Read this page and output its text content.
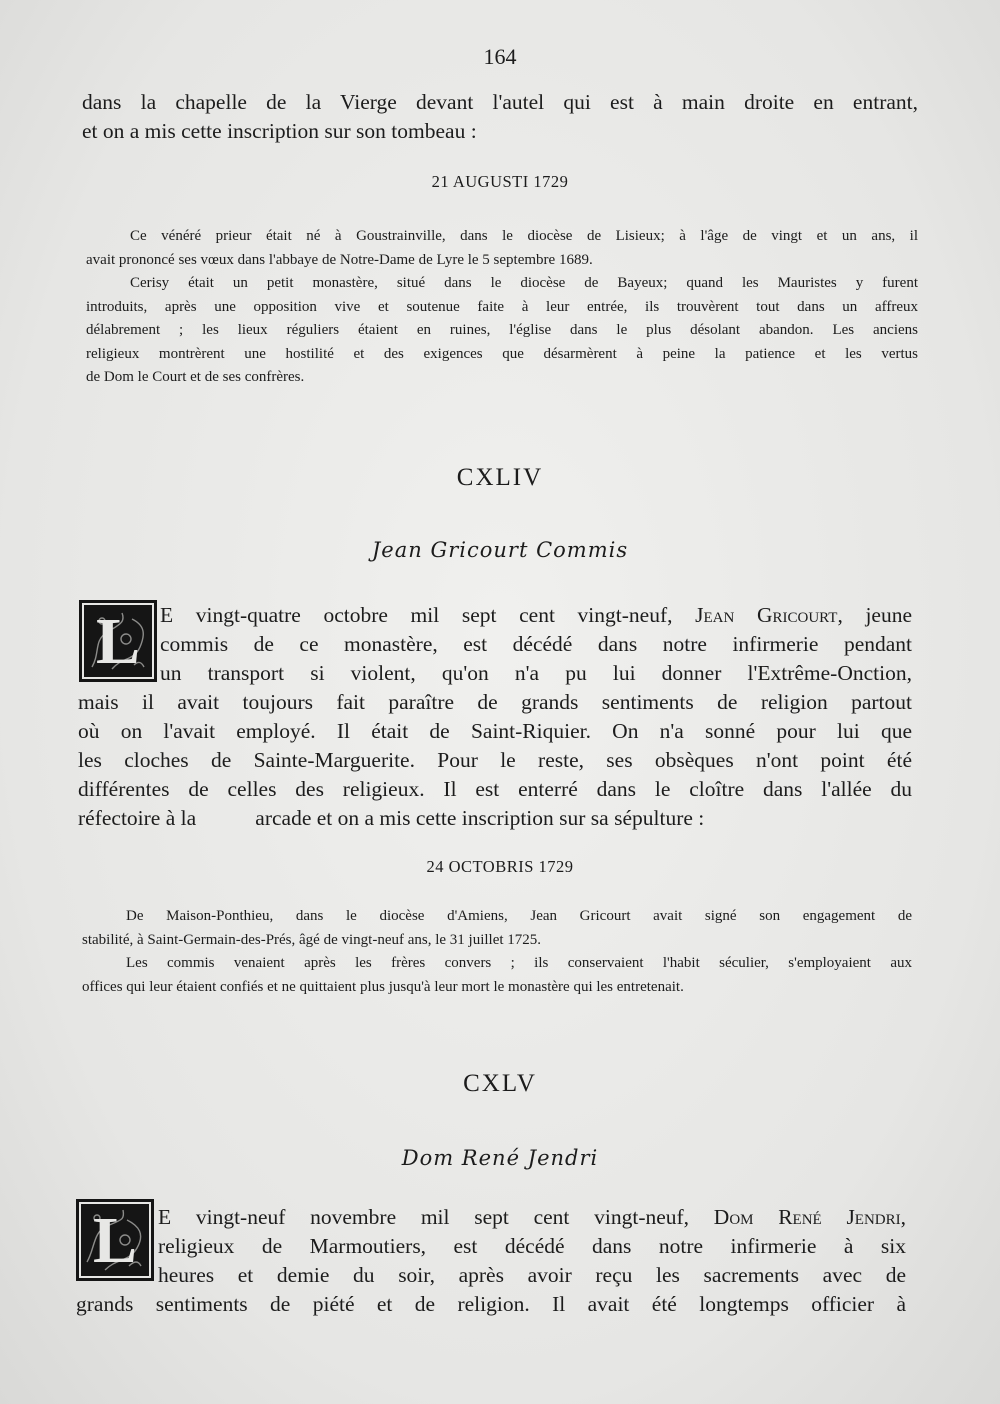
164
dans la chapelle de la Vierge devant l'autel qui est à main droite en entrant,
et on a mis cette inscription sur son tombeau :
21 AUGUSTI 1729
Ce vénéré prieur était né à Goustrainville, dans le diocèse de Lisieux; à l'âge de vingt et un ans, il
avait prononcé ses vœux dans l'abbaye de Notre-Dame de Lyre le 5 septembre 1689.
Cerisy était un petit monastère, situé dans le diocèse de Bayeux; quand les Mauristes y furent
introduits, après une opposition vive et soutenue faite à leur entrée, ils trouvèrent tout dans un affreux
délabrement ; les lieux réguliers étaient en ruines, l'église dans le plus désolant abandon. Les anciens
religieux montrèrent une hostilité et des exigences que désarmèrent à peine la patience et les vertus
de Dom le Court et de ses confrères.
CXLIV
Jean Gricourt Commis
L E vingt-quatre octobre mil sept cent vingt-neuf, Jean Gricourt, jeune
commis de ce monastère, est décédé dans notre infirmerie pendant
un transport si violent, qu'on n'a pu lui donner l'Extrême-Onction,
mais il avait toujours fait paraître de grands sentiments de religion partout
où on l'avait employé. Il était de Saint-Riquier. On n'a sonné pour lui que
les cloches de Sainte-Marguerite. Pour le reste, ses obsèques n'ont point été
différentes de celles des religieux. Il est enterré dans le cloître dans l'allée du
réfectoire à la           arcade et on a mis cette inscription sur sa sépulture :
24 OCTOBRIS 1729
De Maison-Ponthieu, dans le diocèse d'Amiens, Jean Gricourt avait signé son engagement de
stabilité, à Saint-Germain-des-Prés, âgé de vingt-neuf ans, le 31 juillet 1725.
Les commis venaient après les frères convers ; ils conservaient l'habit séculier, s'employaient aux
offices qui leur étaient confiés et ne quittaient plus jusqu'à leur mort le monastère qui les entretenait.
CXLV
Dom René Jendri
L E vingt-neuf novembre mil sept cent vingt-neuf, Dom René Jendri,
religieux de Marmoutiers, est décédé dans notre infirmerie à six
heures et demie du soir, après avoir reçu les sacrements avec de
grands sentiments de piété et de religion. Il avait été longtemps officier à
